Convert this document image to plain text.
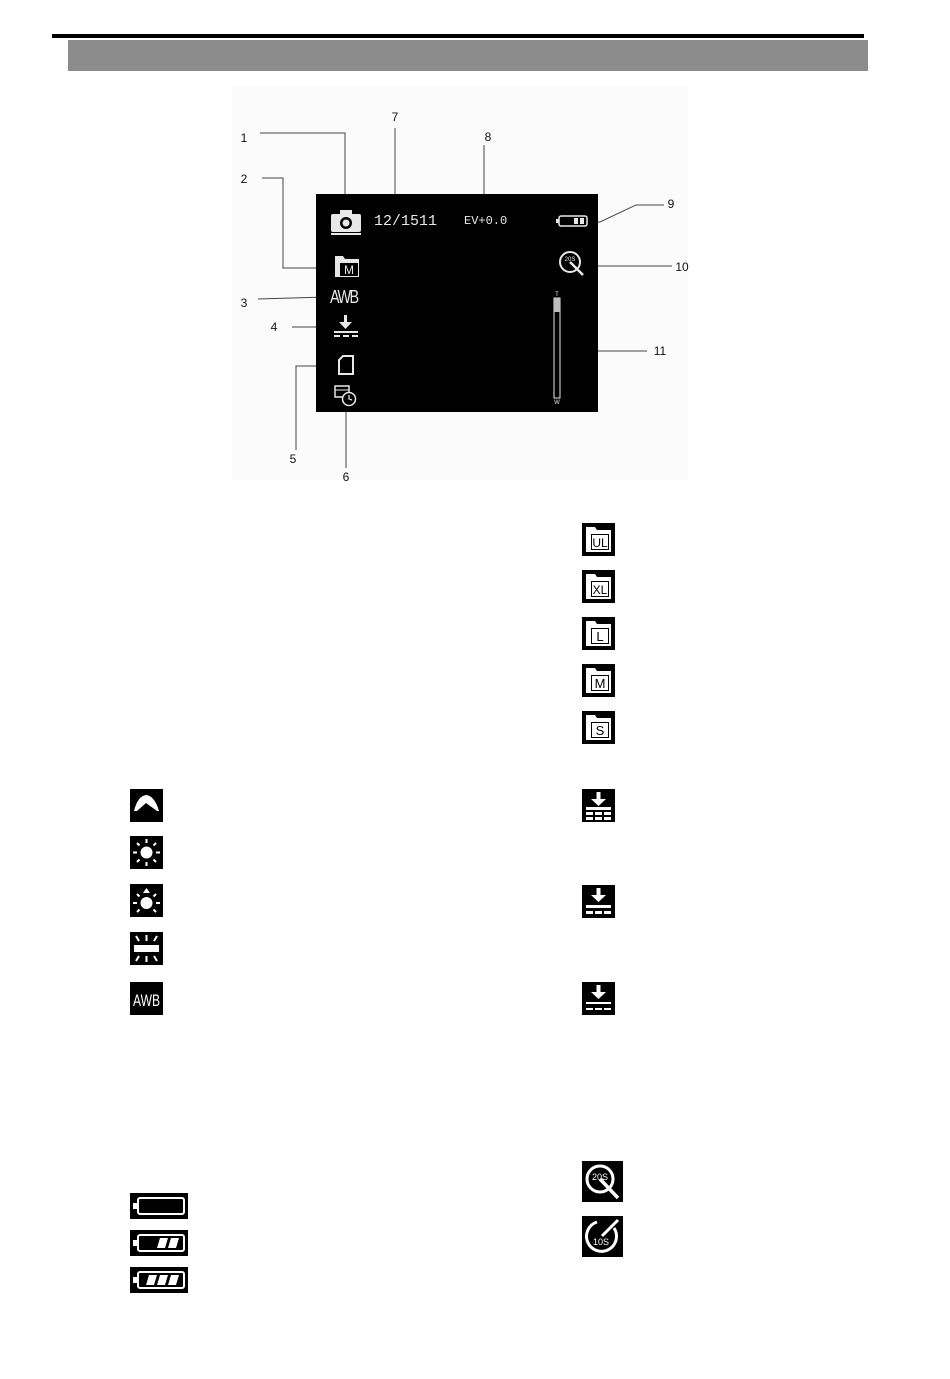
1
2
3
4
5
6
7
8
9
10
11
12/1511 EV+0.0
M
20S
AWB	T
W
UL
XL
L
M
S
AWB
20S
10S
